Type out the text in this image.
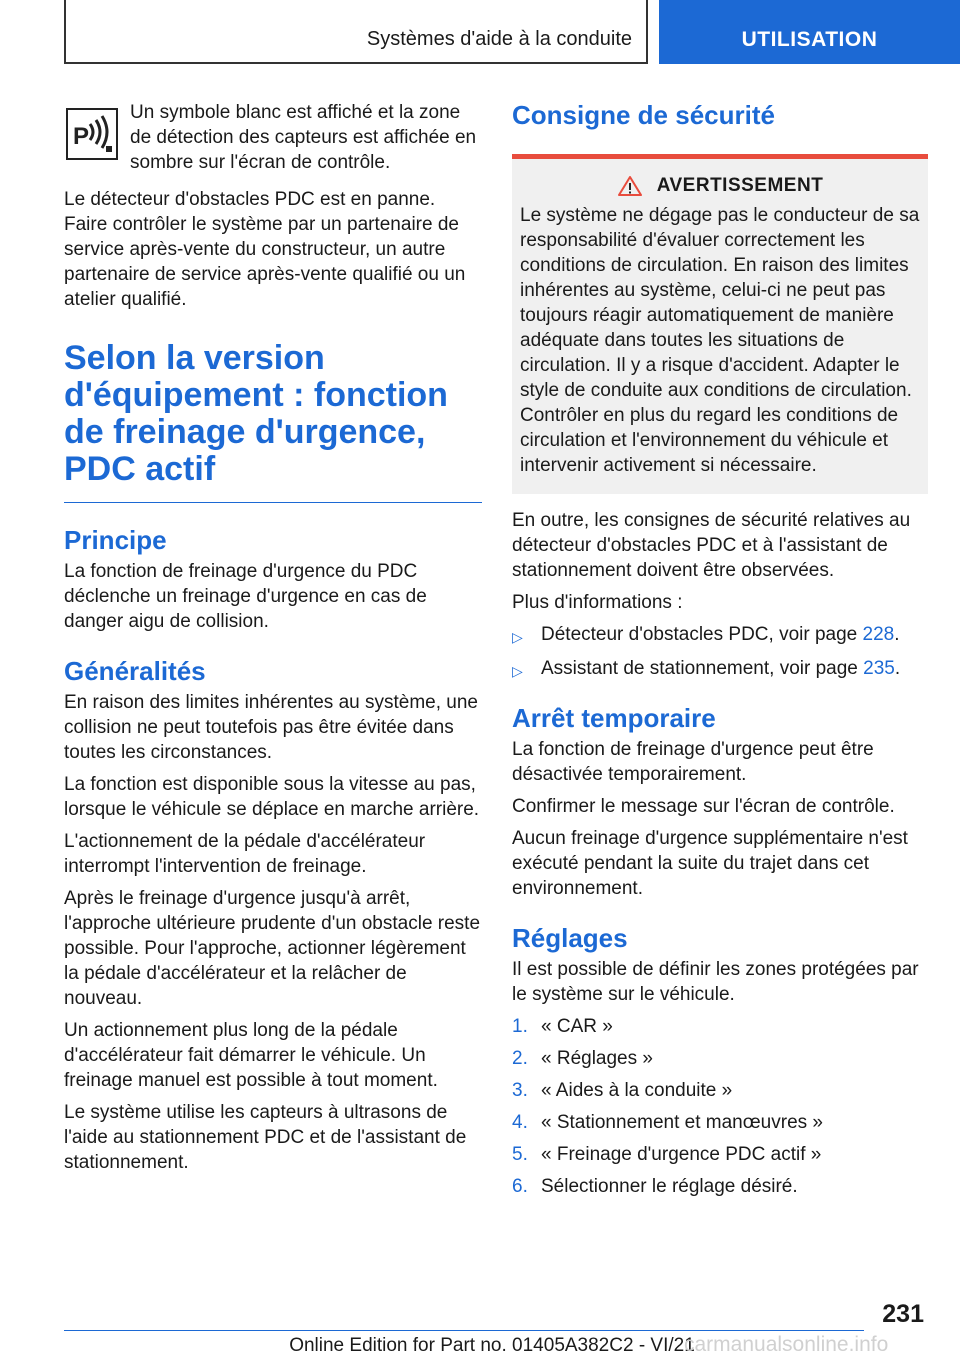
Systèmes d'aide à la conduite	UTILISATION
P

Un symbole blanc est affiché et la zone de détection des capteurs est affichée en sombre sur l'écran de contrôle.

Le détecteur d'obstacles PDC est en panne. Faire contrôler le système par un partenaire de service après-vente du constructeur, un autre partenaire de service après-vente qualifié ou un atelier qualifié.

Selon la version d'équipement : fonction de freinage d'urgence, PDC actif
Principe

La fonction de freinage d'urgence du PDC déclenche un freinage d'urgence en cas de danger aigu de collision.

Généralités

En raison des limites inhérentes au système, une collision ne peut toutefois pas être évitée dans toutes les circonstances.

La fonction est disponible sous la vitesse au pas, lorsque le véhicule se déplace en marche arrière.

L'actionnement de la pédale d'accélérateur interrompt l'intervention de freinage.

Après le freinage d'urgence jusqu'à arrêt, l'approche ultérieure prudente d'un obstacle reste possible. Pour l'approche, actionner légèrement la pédale d'accélérateur et la relâcher de nouveau.

Un actionnement plus long de la pédale d'accélérateur fait démarrer le véhicule. Un freinage manuel est possible à tout moment.

Le système utilise les capteurs à ultrasons de l'aide au stationnement PDC et de l'assistant de stationnement.

Consigne de sécurité
AVERTISSEMENT

Le système ne dégage pas le conducteur de sa responsabilité d'évaluer correctement les conditions de circulation. En raison des limites inhérentes au système, celui-ci ne peut pas toujours réagir automatiquement de manière adéquate dans toutes les situations de circulation. Il y a risque d'accident. Adapter le style de conduite aux conditions de circulation. Contrôler en plus du regard les conditions de circulation et l'environnement du véhicule et intervenir activement si nécessaire.

En outre, les consignes de sécurité relatives au détecteur d'obstacles PDC et à l'assistant de stationnement doivent être observées.

Plus d'informations :

▷ Détecteur d'obstacles PDC, voir page 228.
▷ Assistant de stationnement, voir page 235.
Arrêt temporaire

La fonction de freinage d'urgence peut être désactivée temporairement.

Confirmer le message sur l'écran de contrôle.

Aucun freinage d'urgence supplémentaire n'est exécuté pendant la suite du trajet dans cet environnement.

Réglages

Il est possible de définir les zones protégées par le système sur le véhicule.

1. « CAR »
2. « Réglages »
3. « Aides à la conduite »
4. « Stationnement et manœuvres »
5. « Freinage d'urgence PDC actif »
6. Sélectionner le réglage désiré.
231
Online Edition for Part no. 01405A382C2 - VI/21
carmanualsonline.info
